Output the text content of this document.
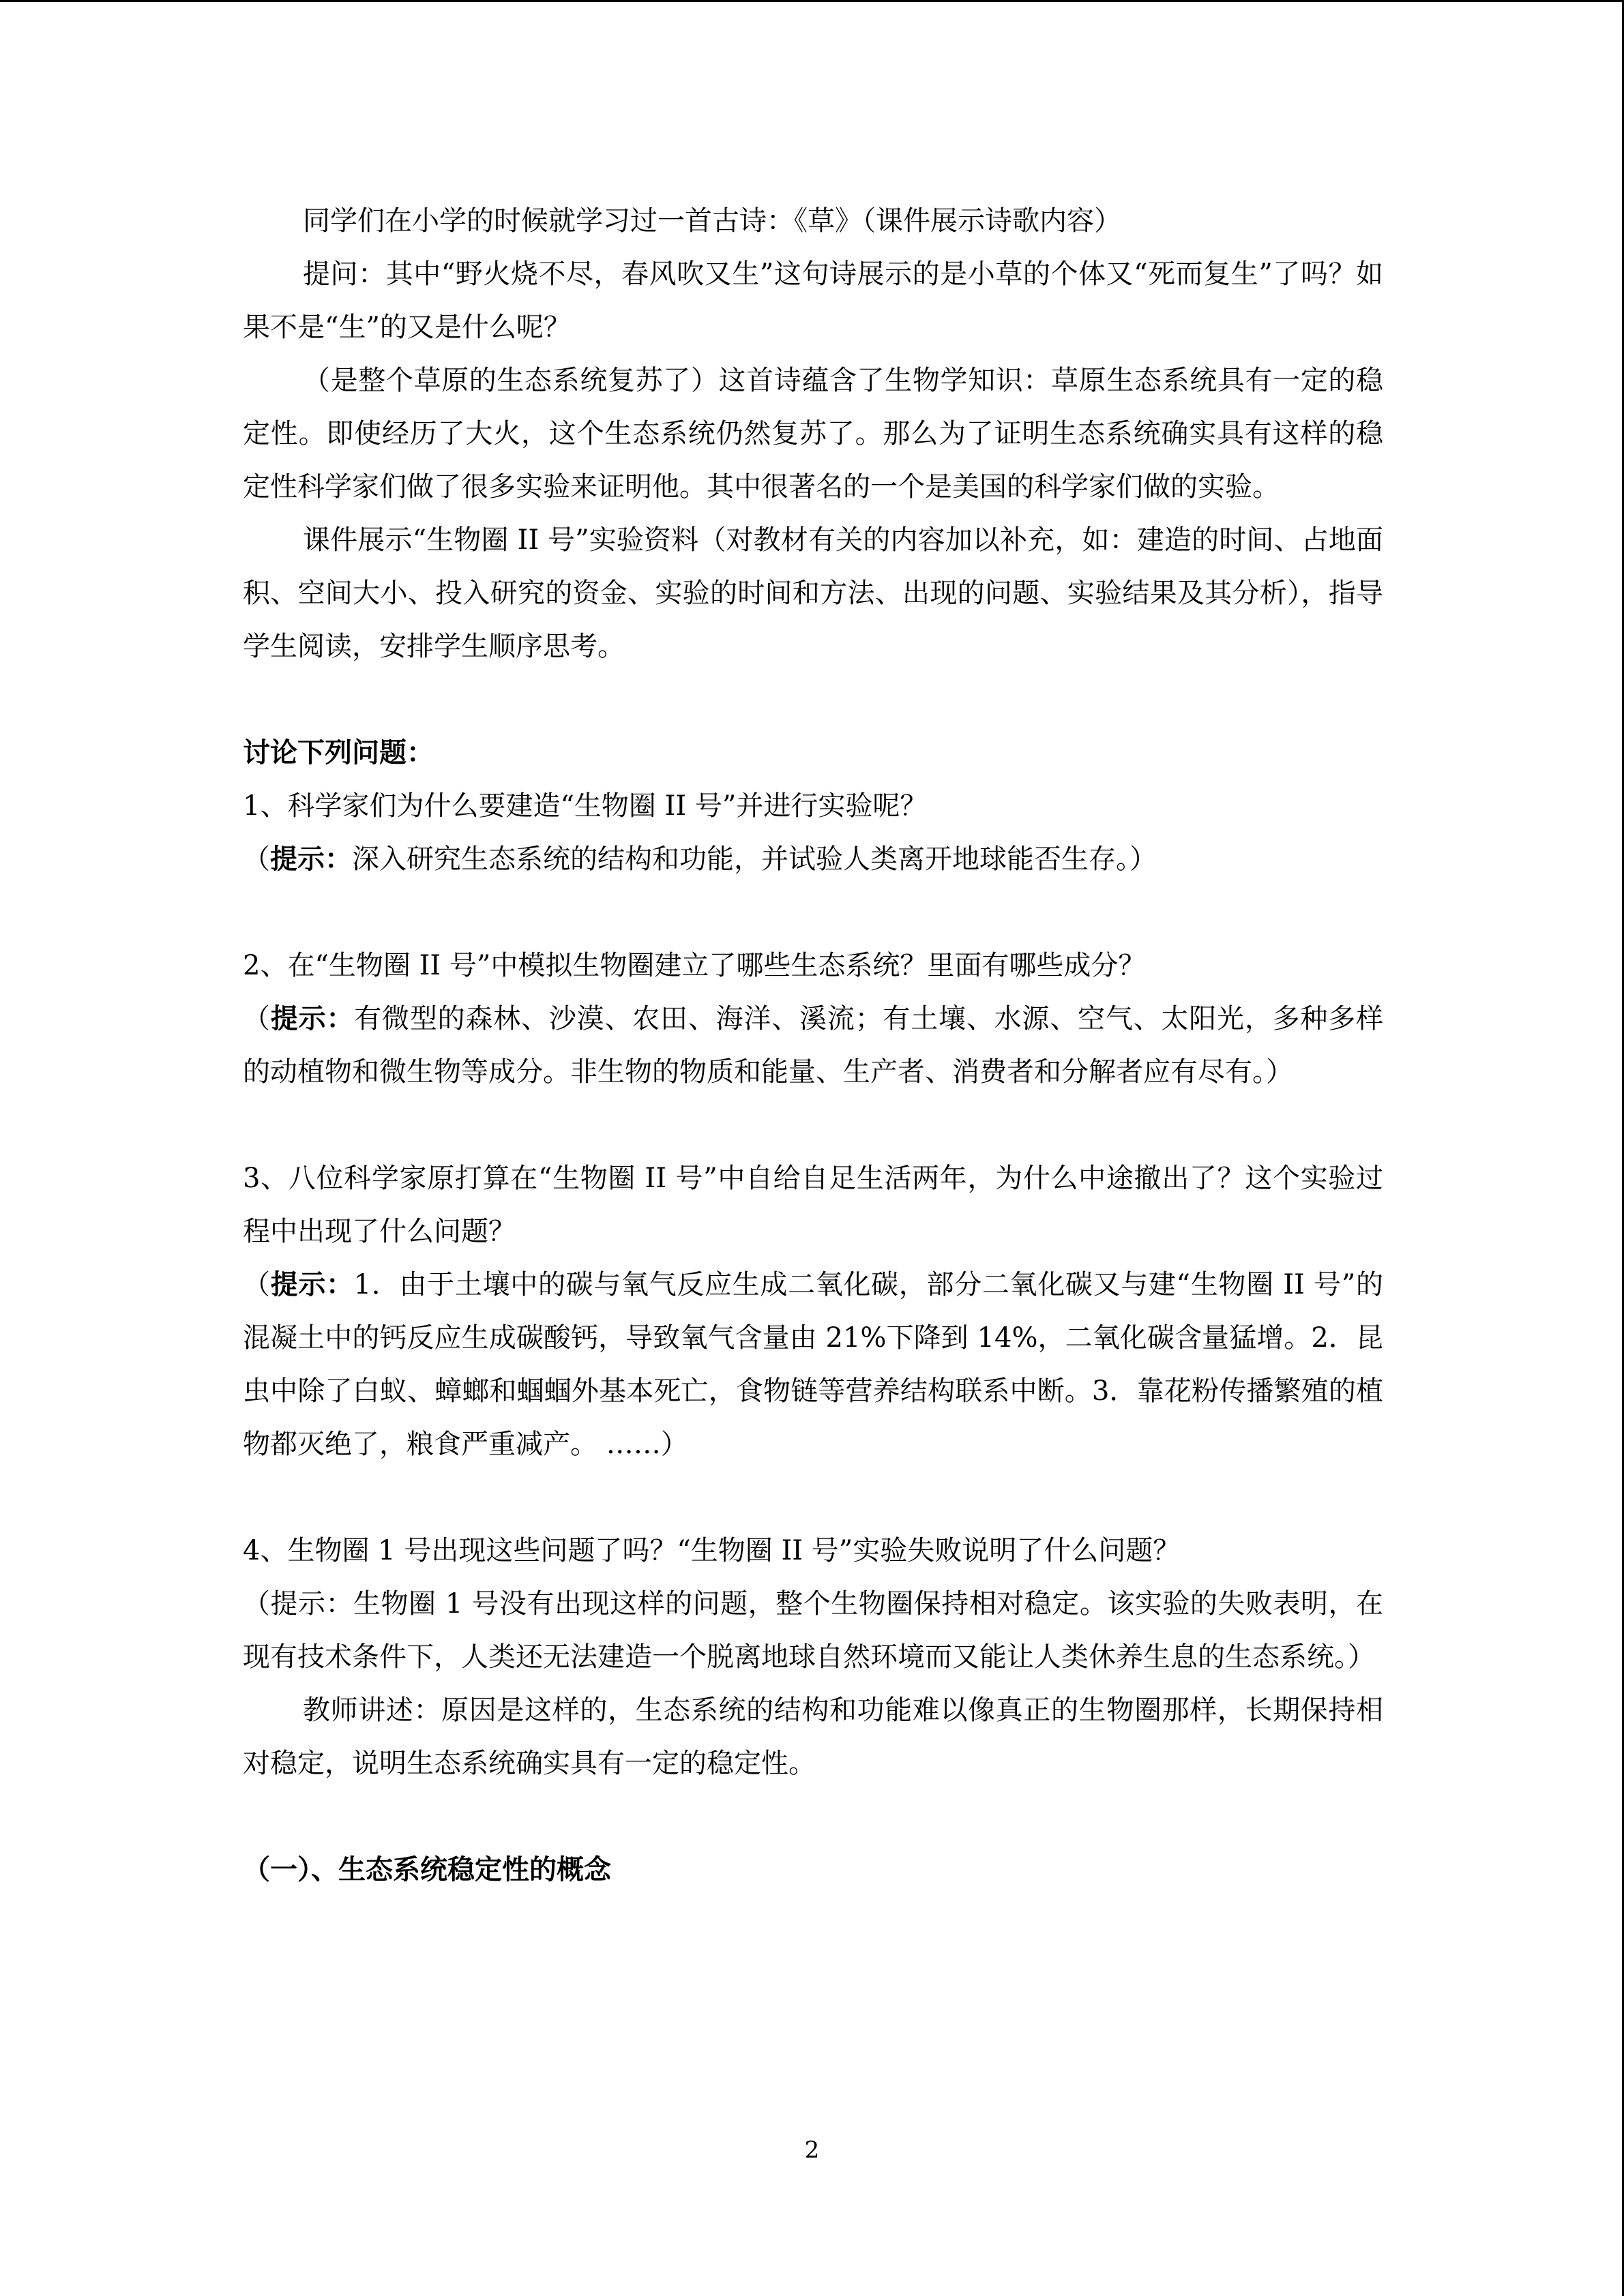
同学们在小学的时候就学习过一首古诗：《草》（课件展示诗歌内容）

提问：其中“野火烧不尽，春风吹又生”这句诗展示的是小草的个体又“死而复生”了吗？如果不是“生”的又是什么呢？

（是整个草原的生态系统复苏了）这首诗蕴含了生物学知识：草原生态系统具有一定的稳定性。即使经历了大火，这个生态系统仍然复苏了。那么为了证明生态系统确实具有这样的稳定性科学家们做了很多实验来证明他。其中很著名的一个是美国的科学家们做的实验。

课件展示“生物圈 II 号”实验资料（对教材有关的内容加以补充，如：建造的时间、占地面积、空间大小、投入研究的资金、实验的时间和方法、出现的问题、实验结果及其分析），指导学生阅读，安排学生顺序思考。

讨论下列问题：

1、科学家们为什么要建造“生物圈 II 号”并进行实验呢？

（提示：深入研究生态系统的结构和功能，并试验人类离开地球能否生存。）

2、在“生物圈 II 号”中模拟生物圈建立了哪些生态系统？里面有哪些成分？

（提示：有微型的森林、沙漠、农田、海洋、溪流；有土壤、水源、空气、太阳光，多种多样的动植物和微生物等成分。非生物的物质和能量、生产者、消费者和分解者应有尽有。）

3、八位科学家原打算在“生物圈 II 号”中自给自足生活两年，为什么中途撤出了？这个实验过程中出现了什么问题？

（提示：1．由于土壤中的碳与氧气反应生成二氧化碳，部分二氧化碳又与建“生物圈 II 号”的混凝土中的钙反应生成碳酸钙，导致氧气含量由 21%下降到 14%，二氧化碳含量猛增。2．昆虫中除了白蚁、蟑螂和蝈蝈外基本死亡，食物链等营养结构联系中断。3．靠花粉传播繁殖的植物都灭绝了，粮食严重减产。 ……）

4、生物圈 1 号出现这些问题了吗？“生物圈 II 号”实验失败说明了什么问题？

（提示：生物圈 1 号没有出现这样的问题，整个生物圈保持相对稳定。该实验的失败表明，在现有技术条件下，人类还无法建造一个脱离地球自然环境而又能让人类休养生息的生态系统。）

教师讲述：原因是这样的，生态系统的结构和功能难以像真正的生物圈那样，长期保持相对稳定，说明生态系统确实具有一定的稳定性。

（一）、生态系统稳定性的概念

2
